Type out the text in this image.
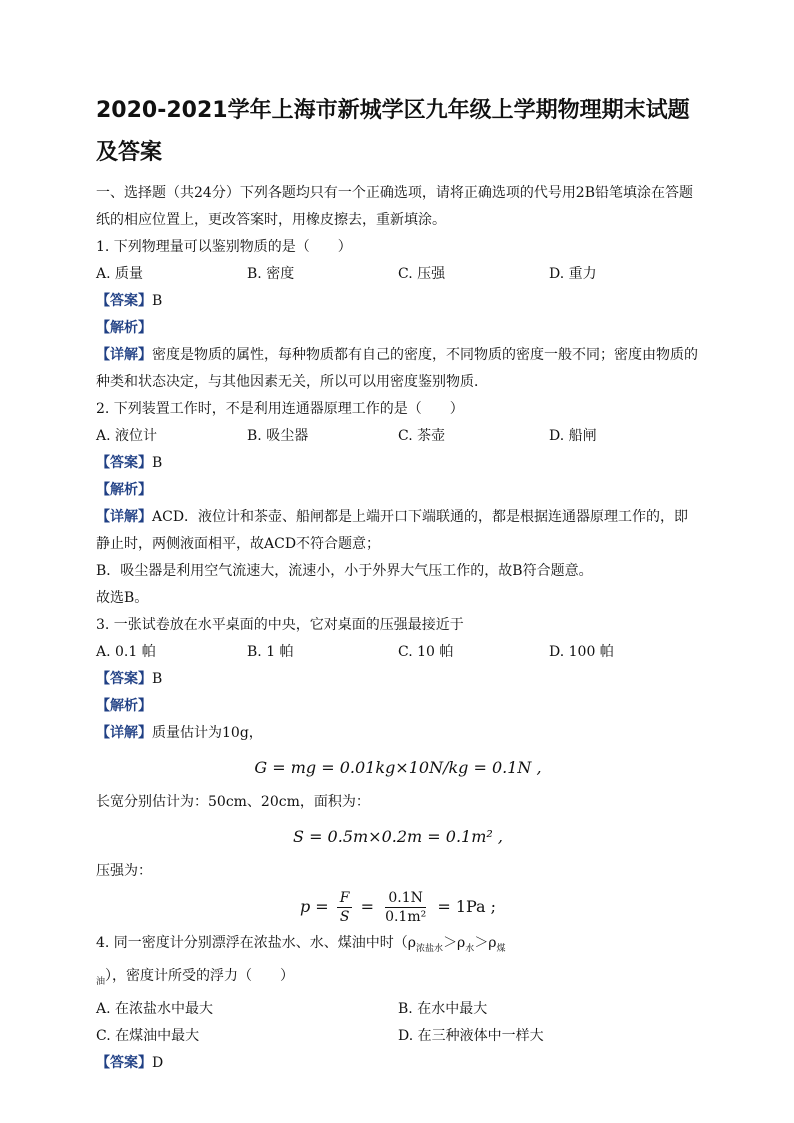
2020-2021学年上海市新城学区九年级上学期物理期末试题及答案

一、选择题（共24分）下列各题均只有一个正确选项，请将正确选项的代号用2B铅笔填涂在答题纸的相应位置上，更改答案时，用橡皮擦去，重新填涂。

1. 下列物理量可以鉴别物质的是（　　）

A. 质量	B. 密度	C. 压强	D. 重力

【答案】B

【解析】

【详解】密度是物质的属性，每种物质都有自己的密度，不同物质的密度一般不同；密度由物质的种类和状态决定，与其他因素无关，所以可以用密度鉴别物质．

2. 下列装置工作时，不是利用连通器原理工作的是（　　）

A. 液位计	B. 吸尘器	C. 茶壶	D. 船闸

【答案】B

【解析】

【详解】ACD．液位计和茶壶、船闸都是上端开口下端联通的，都是根据连通器原理工作的，即静止时，两侧液面相平，故ACD不符合题意；

B．吸尘器是利用空气流速大，流速小，小于外界大气压工作的，故B符合题意。

故选B。

3. 一张试卷放在水平桌面的中央，它对桌面的压强最接近于

A. 0.1 帕	B. 1 帕	C. 10 帕	D. 100 帕

【答案】B

【解析】

【详解】质量估计为10g，

G = mg = 0.01kg×10N/kg = 0.1N ,

长宽分别估计为：50cm、20cm，面积为：

S = 0.5m×0.2m = 0.1m² ,

压强为：

$p = \frac{F}{S} = \frac{0.1N}{\text{0.1m²}} = 1Pa$ ;

4. 同一密度计分别漂浮在浓盐水、水、煤油中时$(\rho_{浓盐水}>\rho_水>\rho_{煤油})$，密度计所受的浮力（　　）

A. 在浓盐水中最大	B. 在水中最大
C. 在煤油中最大	D. 在三种液体中一样大

【答案】D
